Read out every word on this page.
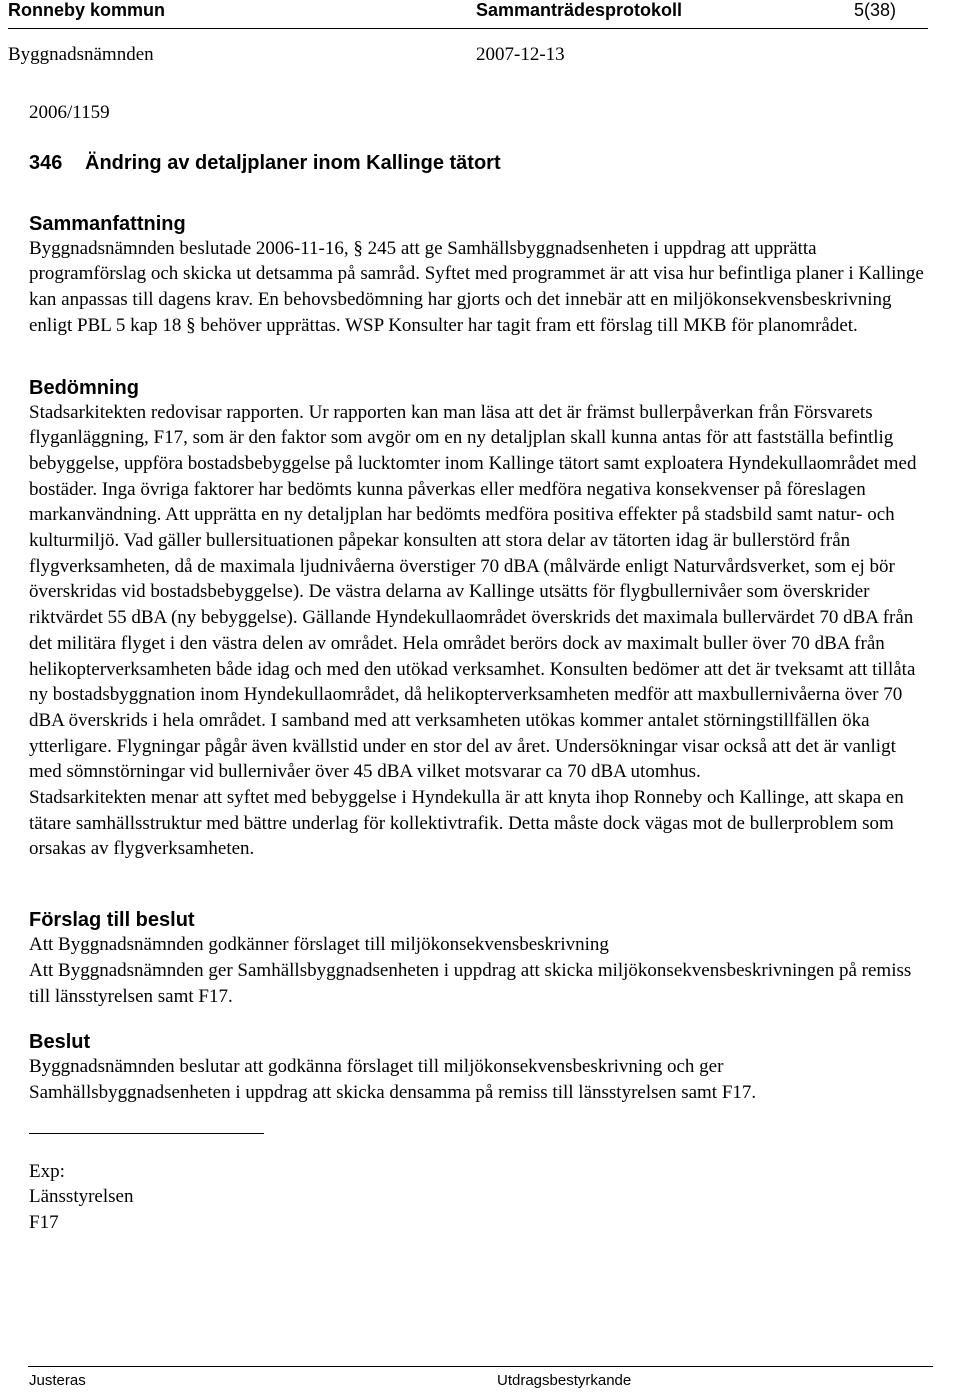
Ronneby kommun	Sammanträdesprotokoll	5(38)
Byggnadsnämnden	2007-12-13

2006/1159

346 Ändring av detaljplaner inom Kallinge tätort
Sammanfattning

Byggnadsnämnden beslutade 2006-11-16, § 245 att ge Samhällsbyggnadsenheten i uppdrag att upprätta programförslag och skicka ut detsamma på samråd. Syftet med programmet är att visa hur befintliga planer i Kallinge kan anpassas till dagens krav. En behovsbedömning har gjorts och det innebär att en miljökonsekvensbeskrivning enligt PBL 5 kap 18 § behöver upprättas. WSP Konsulter har tagit fram ett förslag till MKB för planområdet.

Bedömning

Stadsarkitekten redovisar rapporten. Ur rapporten kan man läsa att det är främst bullerpåverkan från Försvarets flyganläggning, F17, som är den faktor som avgör om en ny detaljplan skall kunna antas för att fastställa befintlig bebyggelse, uppföra bostadsbebyggelse på lucktomter inom Kallinge tätort samt exploatera Hyndekullaområdet med bostäder. Inga övriga faktorer har bedömts kunna påverkas eller medföra negativa konsekvenser på föreslagen markanvändning. Att upprätta en ny detaljplan har bedömts medföra positiva effekter på stadsbild samt natur- och kulturmiljö. Vad gäller bullersituationen påpekar konsulten att stora delar av tätorten idag är bullerstörd från flygverksamheten, då de maximala ljudnivåerna överstiger 70 dBA (målvärde enligt Naturvårdsverket, som ej bör överskridas vid bostadsbebyggelse). De västra delarna av Kallinge utsätts för flygbullernivåer som överskrider riktvärdet 55 dBA (ny bebyggelse). Gällande Hyndekullaområdet överskrids det maximala bullervärdet 70 dBA från det militära flyget i den västra delen av området. Hela området berörs dock av maximalt buller över 70 dBA från helikopterverksamheten både idag och med den utökad verksamhet. Konsulten bedömer att det är tveksamt att tillåta ny bostadsbyggnation inom Hyndekullaområdet, då helikopterverksamheten medför att maxbullernivåerna över 70 dBA överskrids i hela området. I samband med att verksamheten utökas kommer antalet störningstillfällen öka ytterligare. Flygningar pågår även kvällstid under en stor del av året. Undersökningar visar också att det är vanligt med sömnstörningar vid bullernivåer över 45 dBA vilket motsvarar ca 70 dBA utomhus.

Stadsarkitekten menar att syftet med bebyggelse i Hyndekulla är att knyta ihop Ronneby och Kallinge, att skapa en tätare samhällsstruktur med bättre underlag för kollektivtrafik. Detta måste dock vägas mot de bullerproblem som orsakas av flygverksamheten.

Förslag till beslut

Att Byggnadsnämnden godkänner förslaget till miljökonsekvensbeskrivning

Att Byggnadsnämnden ger Samhällsbyggnadsenheten i uppdrag att skicka miljökonsekvensbeskrivningen på remiss till länsstyrelsen samt F17.

Beslut

Byggnadsnämnden beslutar att godkänna förslaget till miljökonsekvensbeskrivning och ger Samhällsbyggnadsenheten i uppdrag att skicka densamma på remiss till länsstyrelsen samt F17.

Exp:

Länsstyrelsen

F17

Justeras	Utdragsbestyrkande
